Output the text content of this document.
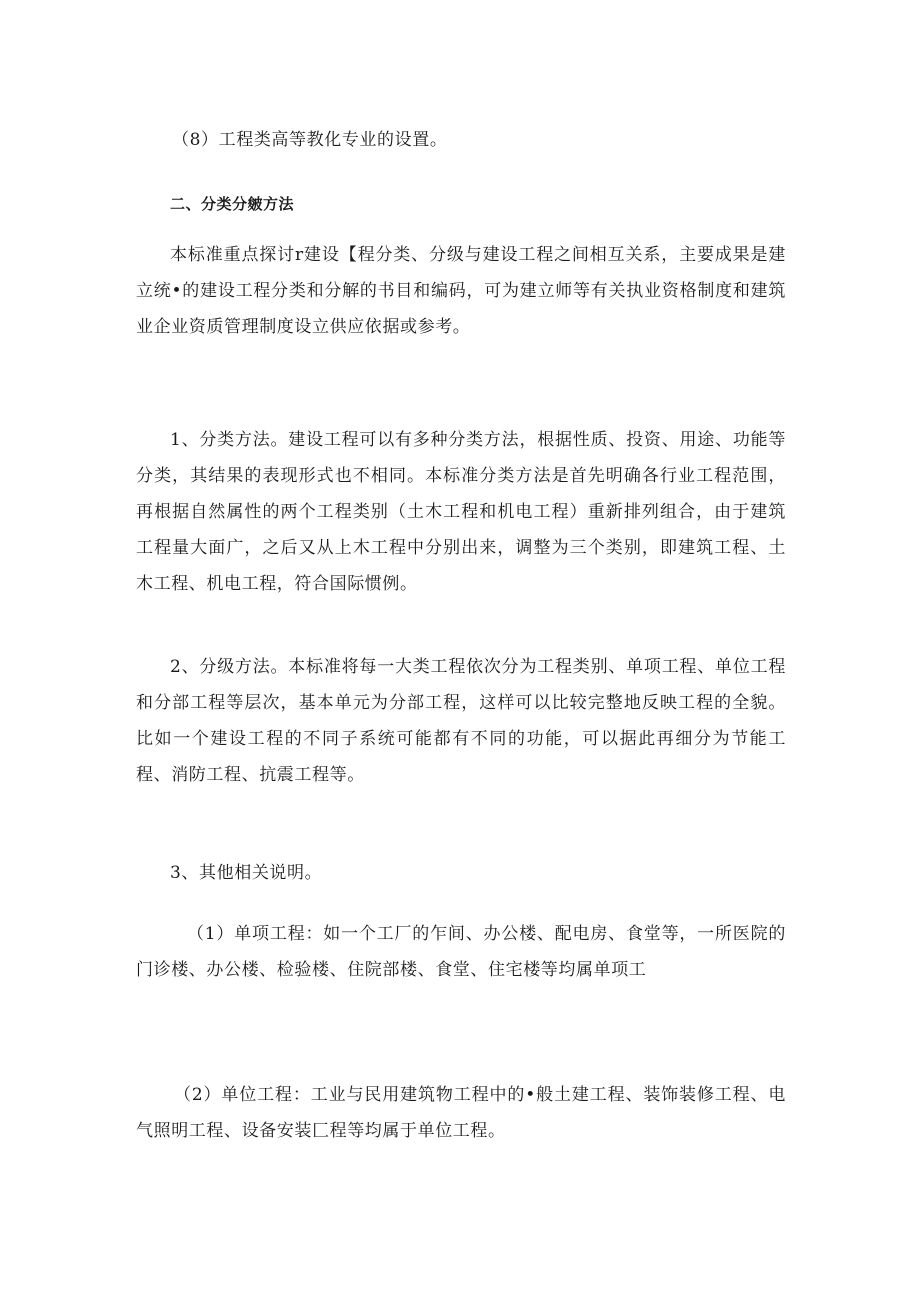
（8）工程类高等教化专业的设置。

二、分类分皴方法

本标准重点探讨r建设【程分类、分级与建设工程之间相互关系，主要成果是建立统•的建设工程分类和分解的书目和编码，可为建立师等有关执业资格制度和建筑业企业资质管理制度设立供应依据或参考。

1、分类方法。建设工程可以有多种分类方法，根据性质、投资、用途、功能等分类，其结果的表现形式也不相同。本标准分类方法是首先明确各行业工程范围，再根据自然属性的两个工程类别（土木工程和机电工程）重新排列组合，由于建筑工程量大面广，之后又从上木工程中分别出来，调整为三个类别，即建筑工程、土木工程、机电工程，符合国际惯例。

2、分级方法。本标准将每一大类工程依次分为工程类别、单项工程、单位工程和分部工程等层次，基本单元为分部工程，这样可以比较完整地反映工程的全貌。比如一个建设工程的不同子系统可能都有不同的功能，可以据此再细分为节能工程、消防工程、抗震工程等。

3、其他相关说明。

（1）单项工程：如一个工厂的乍间、办公楼、配电房、食堂等，一所医院的门诊楼、办公楼、检验楼、住院部楼、食堂、住宅楼等均属单项工

（2）单位工程：工业与民用建筑物工程中的•般土建工程、装饰装修工程、电气照明工程、设备安装匚程等均属于单位工程。
